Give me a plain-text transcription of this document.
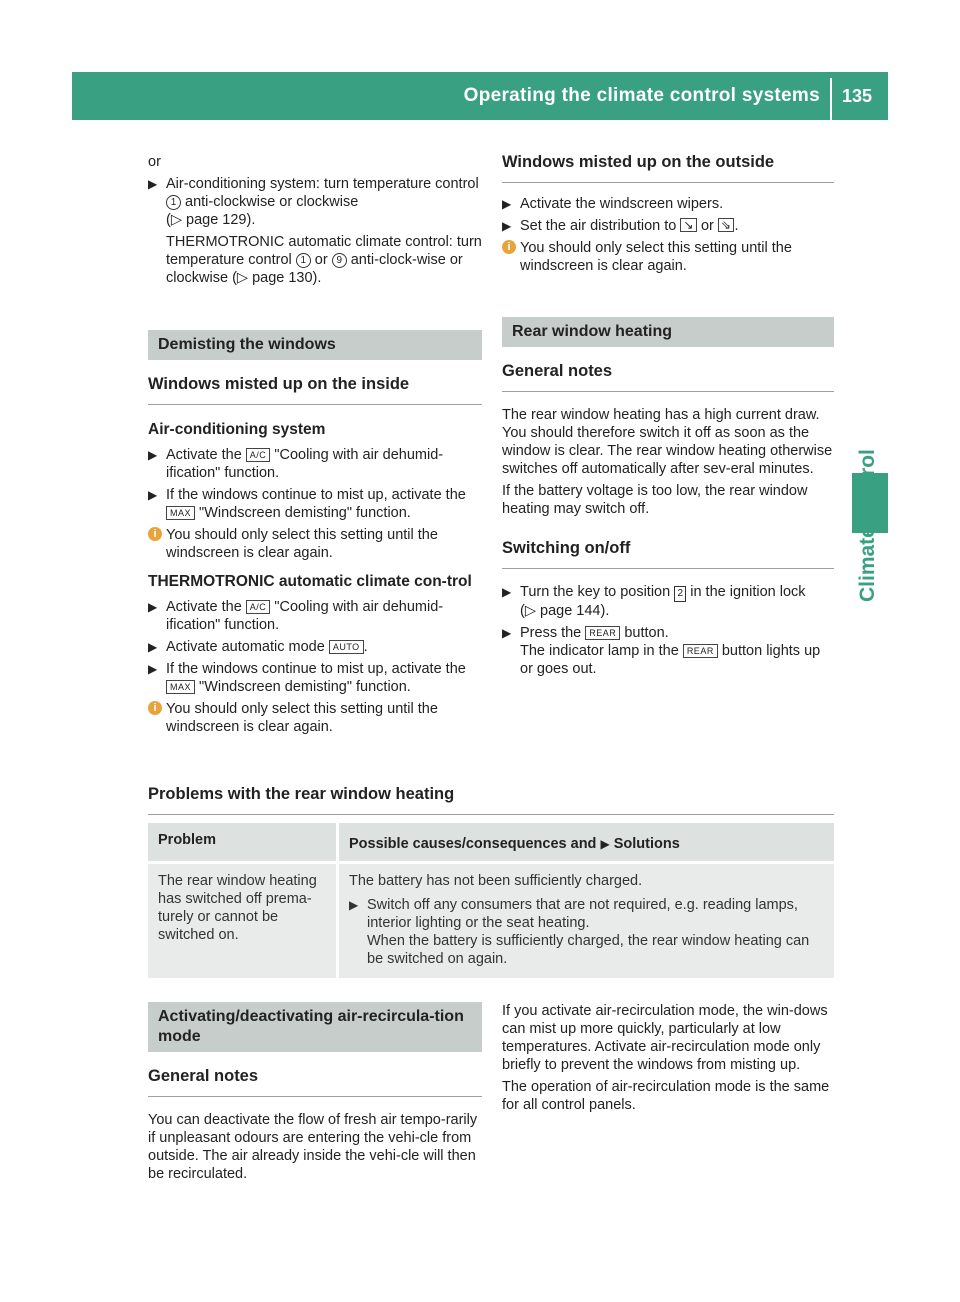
Operating the climate control systems 135

or

▶ Air-conditioning system: turn temperature control 1 anti-clockwise or clockwise
(▷ page 129).

THERMOTRONIC automatic climate control: turn temperature control 1 or 9 anti-clock-wise or clockwise (▷ page 130).

Demisting the windows
Windows misted up on the inside
Air-conditioning system
▶ Activate the A/C "Cooling with air dehumid-ification" function.
▶ If the windows continue to mist up, activate the MAX "Windscreen demisting" function.
i You should only select this setting until the windscreen is clear again.
THERMOTRONIC automatic climate con-trol
▶ Activate the A/C "Cooling with air dehumid-ification" function.
▶ Activate automatic mode AUTO .
▶ If the windows continue to mist up, activate the MAX "Windscreen demisting" function.
i You should only select this setting until the windscreen is clear again.
Windows misted up on the outside
▶ Activate the windscreen wipers.
▶ Set the air distribution to ↘ or ⇘ .
i You should only select this setting until the windscreen is clear again.
Rear window heating
General notes

The rear window heating has a high current draw. You should therefore switch it off as soon as the window is clear. The rear window heating otherwise switches off automatically after sev-eral minutes.

If the battery voltage is too low, the rear window heating may switch off.

Switching on/off
▶ Turn the key to position 2 in the ignition lock
(▷ page 144).
▶ Press the REAR button.
The indicator lamp in the REAR button lights up or goes out.
Problems with the rear window heating
Problem	Possible causes/consequences and ▶ Solutions
The rear window heating has switched off prema-turely or cannot be switched on.	The battery has not been sufficiently charged.

▶ Switch off any consumers that are not required, e.g. reading lamps, interior lighting or the seat heating.
When the battery is sufficiently charged, the rear window heating can be switched on again.
Activating/deactivating air-recircula-tion mode
General notes

You can deactivate the flow of fresh air tempo-rarily if unpleasant odours are entering the vehi-cle from outside. The air already inside the vehi-cle will then be recirculated.

If you activate air-recirculation mode, the win-dows can mist up more quickly, particularly at low temperatures. Activate air-recirculation mode only briefly to prevent the windows from misting up.

The operation of air-recirculation mode is the same for all control panels.
